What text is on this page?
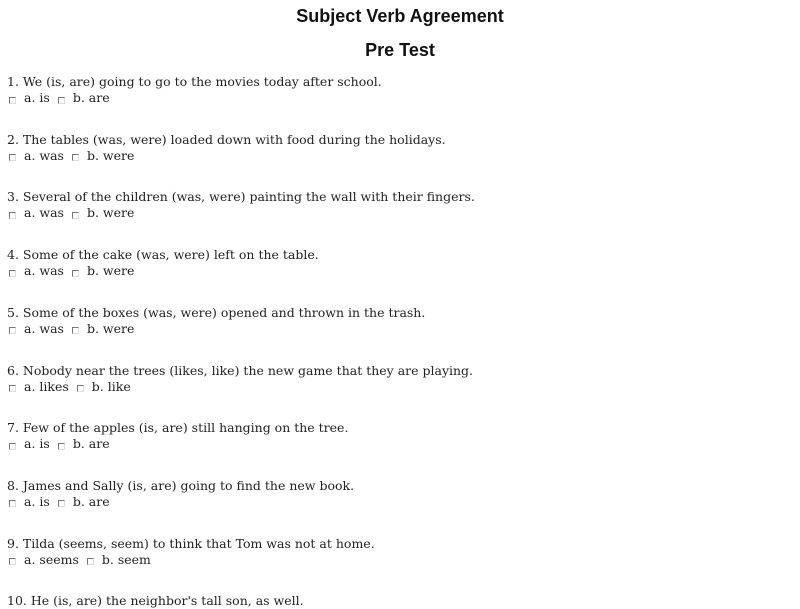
Subject Verb Agreement
Pre Test
1. We (is, are) going to go to the movies today after school.
a. is b. are
2. The tables (was, were) loaded down with food during the holidays.
a. was b. were
3. Several of the children (was, were) painting the wall with their fingers.
a. was b. were
4. Some of the cake (was, were) left on the table.
a. was b. were
5. Some of the boxes (was, were) opened and thrown in the trash.
a. was b. were
6. Nobody near the trees (likes, like) the new game that they are playing.
a. likes b. like
7. Few of the apples (is, are) still hanging on the tree.
a. is b. are
8. James and Sally (is, are) going to find the new book.
a. is b. are
9. Tilda (seems, seem) to think that Tom was not at home.
a. seems b. seem
10. He (is, are) the neighbor's tall son, as well.
